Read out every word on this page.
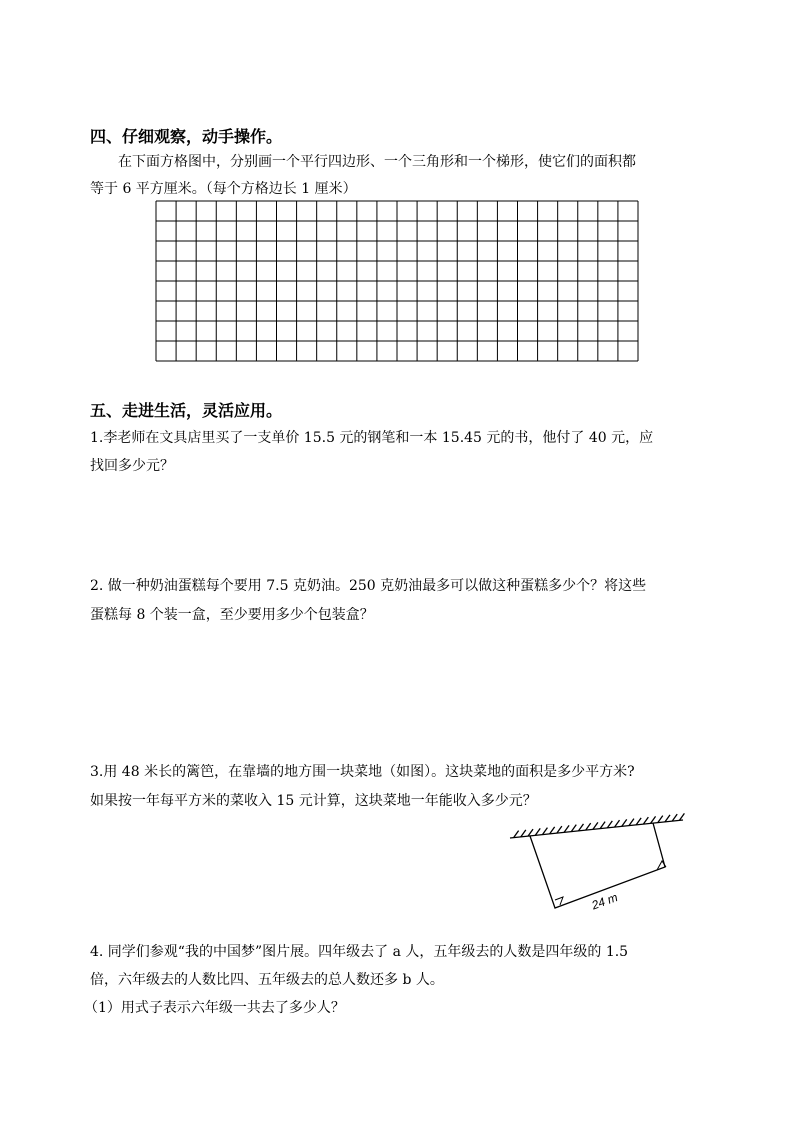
四、仔细观察，动手操作。
在下面方格图中，分别画一个平行四边形、一个三角形和一个梯形，使它们的面积都
等于 6 平方厘米。（每个方格边长 1 厘米）
五、走进生活，灵活应用。
1.李老师在文具店里买了一支单价 15.5 元的钢笔和一本 15.45 元的书，他付了 40 元，应
找回多少元？
2. 做一种奶油蛋糕每个要用 7.5 克奶油。250 克奶油最多可以做这种蛋糕多少个？将这些
蛋糕每 8 个装一盒，至少要用多少个包装盒？
3.用 48 米长的篱笆，在靠墙的地方围一块菜地（如图）。这块菜地的面积是多少平方米?
如果按一年每平方米的菜收入 15 元计算，这块菜地一年能收入多少元？
24 m
4. 同学们参观“我的中国梦”图片展。四年级去了 a 人，五年级去的人数是四年级的 1.5
倍，六年级去的人数比四、五年级去的总人数还多 b 人。
（1）用式子表示六年级一共去了多少人？
